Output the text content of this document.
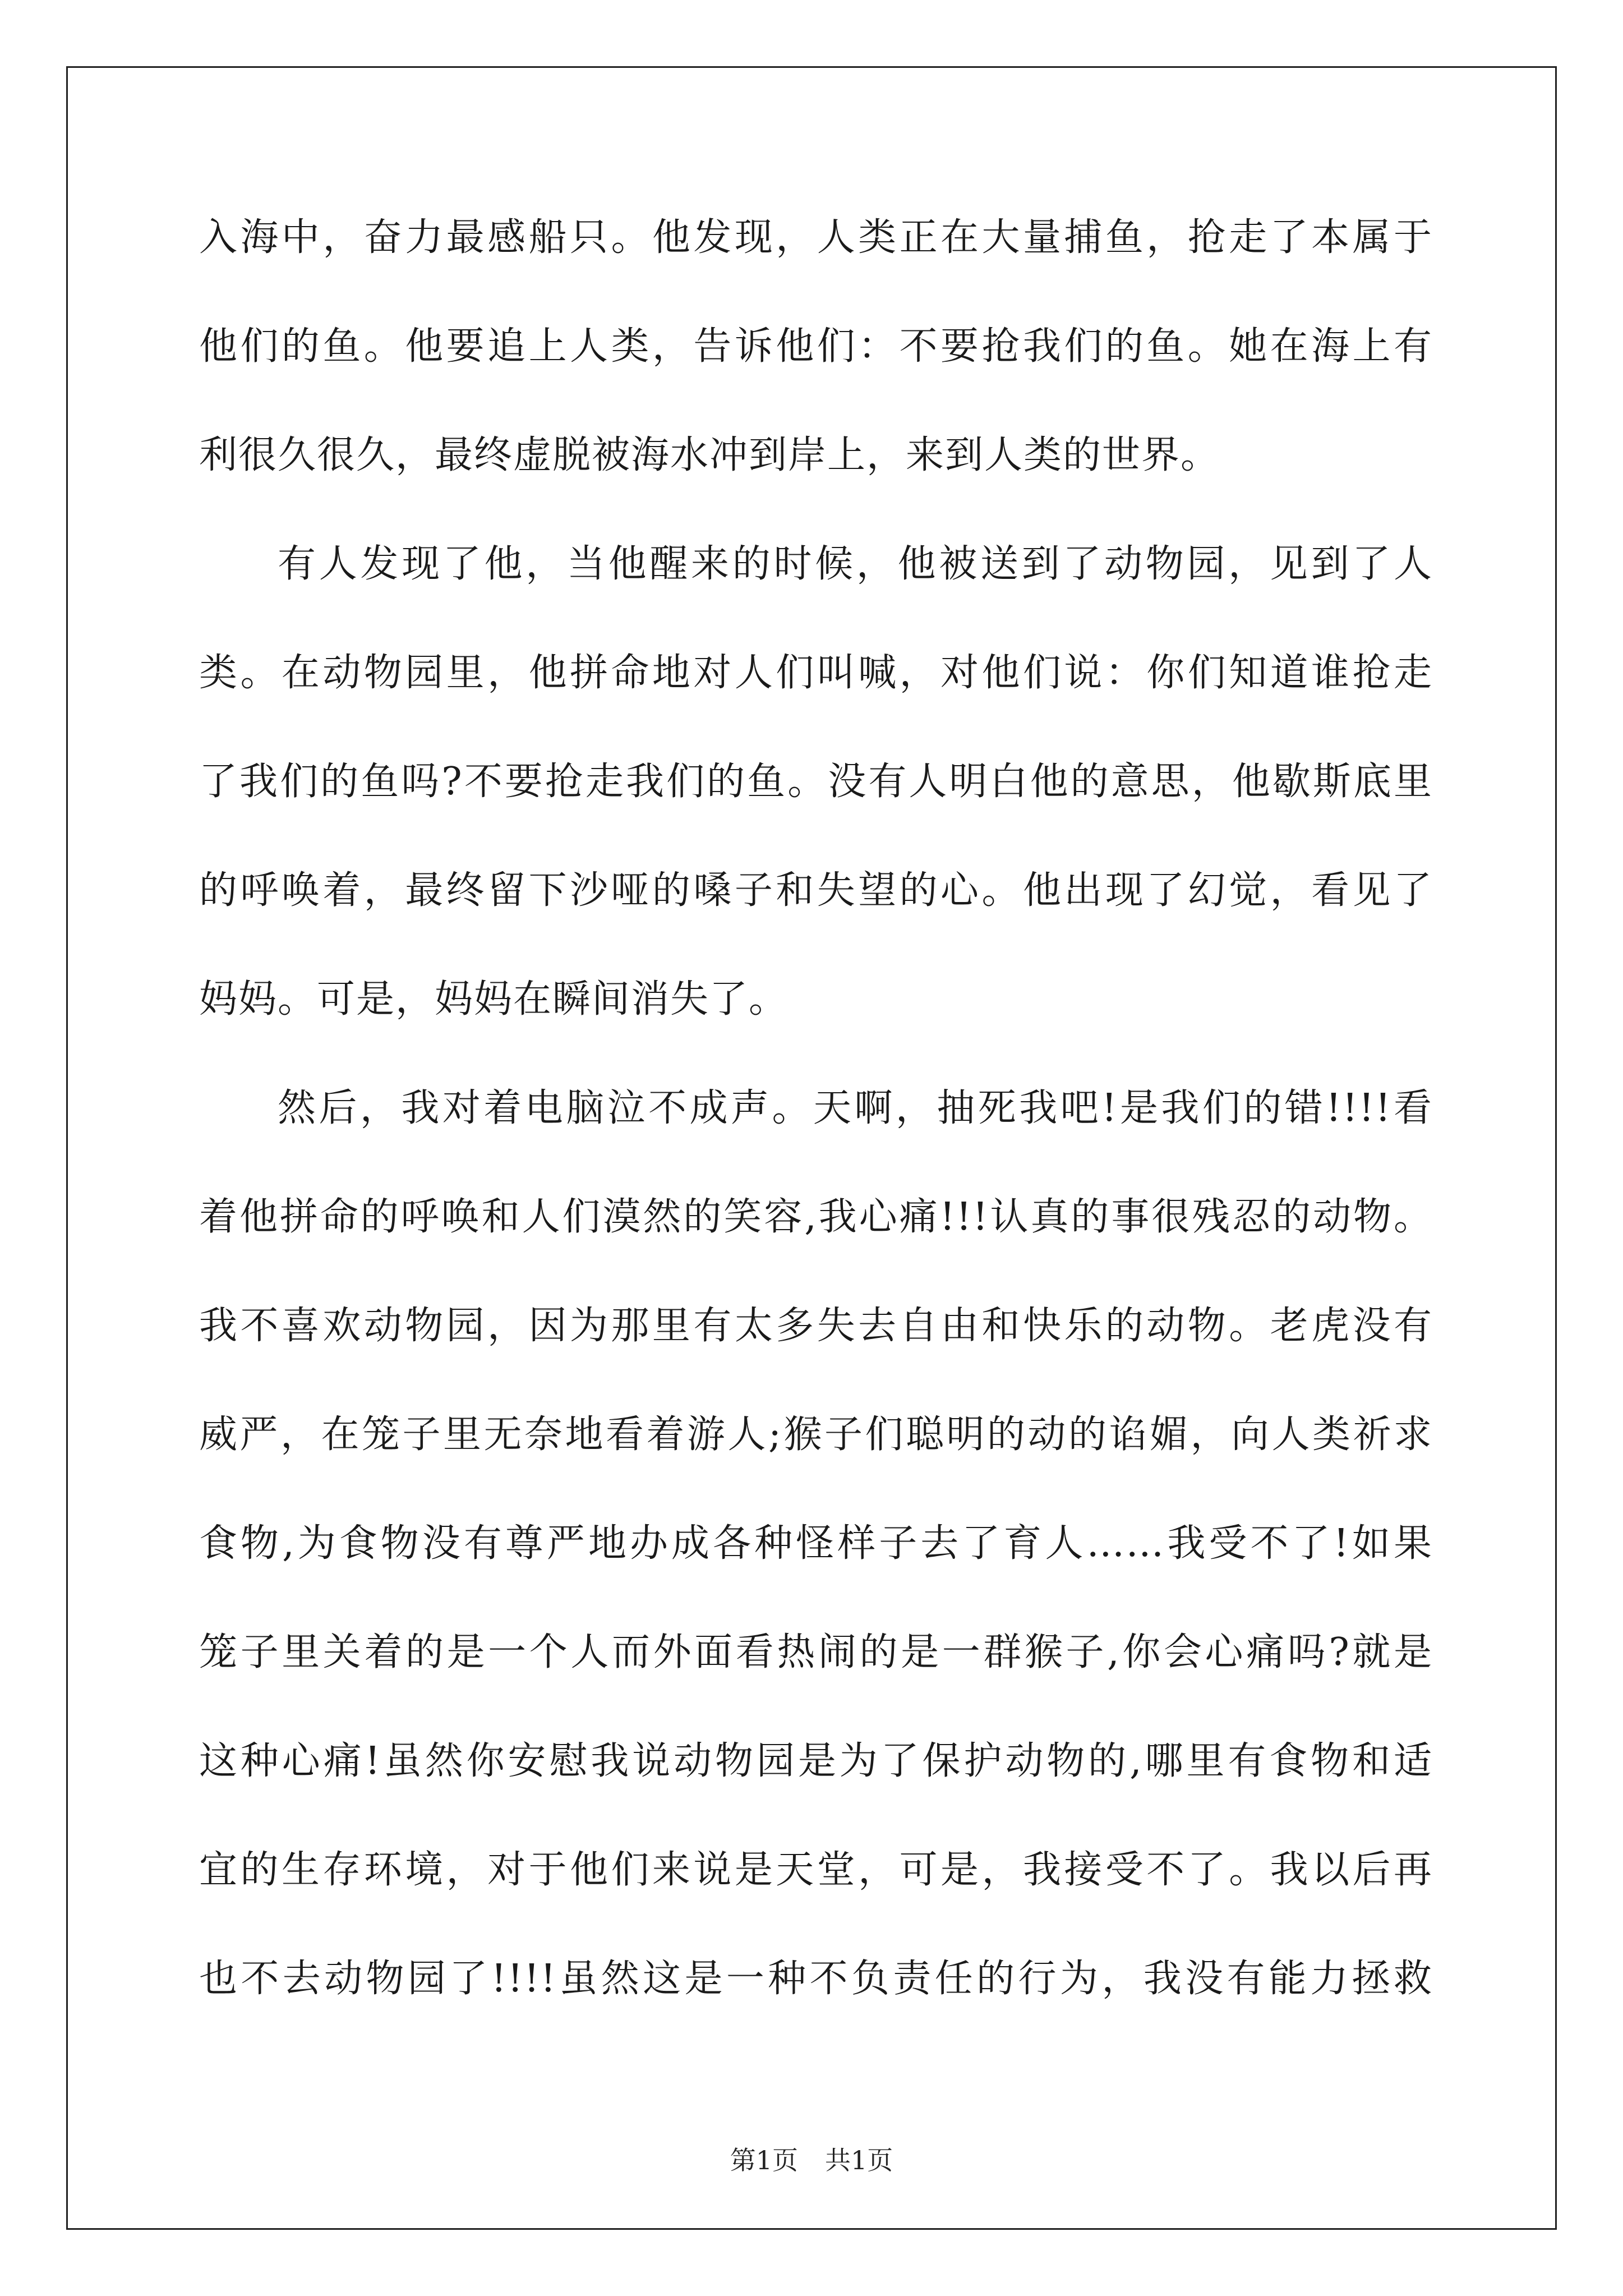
入海中，奋力最感船只。他发现，人类正在大量捕鱼，抢走了本属于
他们的鱼。他要追上人类，告诉他们：不要抢我们的鱼。她在海上有
利很久很久，最终虚脱被海水冲到岸上，来到人类的世界。
有人发现了他，当他醒来的时候，他被送到了动物园，见到了人
类。在动物园里，他拼命地对人们叫喊，对他们说：你们知道谁抢走
了我们的鱼吗?不要抢走我们的鱼。没有人明白他的意思，他歇斯底里
的呼唤着，最终留下沙哑的嗓子和失望的心。他出现了幻觉，看见了
妈妈。可是，妈妈在瞬间消失了。
然后，我对着电脑泣不成声。天啊，抽死我吧!是我们的错!!!!看
着他拼命的呼唤和人们漠然的笑容,我心痛!!!认真的事很残忍的动物。
我不喜欢动物园，因为那里有太多失去自由和快乐的动物。老虎没有
威严，在笼子里无奈地看着游人;猴子们聪明的动的谄媚，向人类祈求
食物,为食物没有尊严地办成各种怪样子去了育人……我受不了!如果
笼子里关着的是一个人而外面看热闹的是一群猴子,你会心痛吗?就是
这种心痛!虽然你安慰我说动物园是为了保护动物的,哪里有食物和适
宜的生存环境，对于他们来说是天堂，可是，我接受不了。我以后再
也不去动物园了!!!!虽然这是一种不负责任的行为，我没有能力拯救
第1页 共1页
